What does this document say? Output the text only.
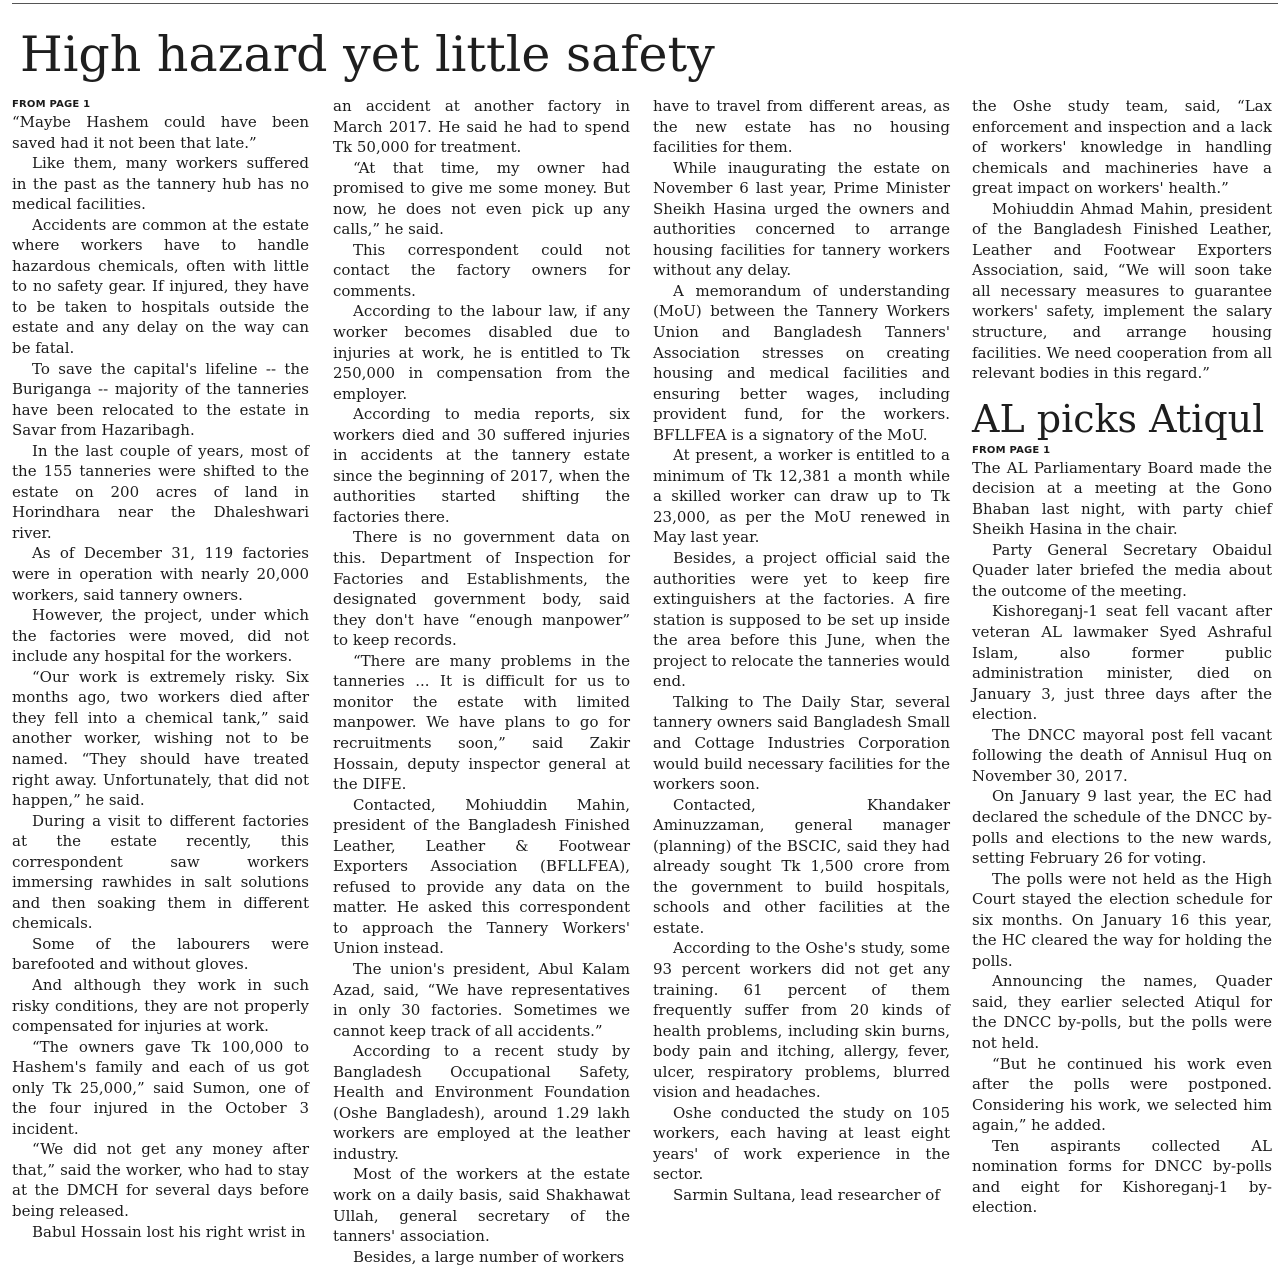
High hazard yet little safety
FROM PAGE 1

“Maybe Hashem could have been saved had it not been that late.”

Like them, many workers suffered in the past as the tannery hub has no medical facilities.

Accidents are common at the estate where workers have to handle hazardous chemicals, often with little to no safety gear. If injured, they have to be taken to hospitals outside the estate and any delay on the way can be fatal.

To save the capital's lifeline -- the Buriganga -- majority of the tanneries have been relocated to the estate in Savar from Hazaribagh.

In the last couple of years, most of the 155 tanneries were shifted to the estate on 200 acres of land in Horindhara near the Dhaleshwari river.

As of December 31, 119 factories were in operation with nearly 20,000 workers, said tannery owners.

However, the project, under which the factories were moved, did not include any hospital for the workers.

“Our work is extremely risky. Six months ago, two workers died after they fell into a chemical tank,” said another worker, wishing not to be named. “They should have treated right away. Unfortunately, that did not happen,” he said.

During a visit to different factories at the estate recently, this correspondent saw workers immersing rawhides in salt solutions and then soaking them in different chemicals.

Some of the labourers were barefooted and without gloves.

And although they work in such risky conditions, they are not properly compensated for injuries at work.

“The owners gave Tk 100,000 to Hashem's family and each of us got only Tk 25,000,” said Sumon, one of the four injured in the October 3 incident.

“We did not get any money after that,” said the worker, who had to stay at the DMCH for several days before being released.

Babul Hossain lost his right wrist in

an accident at another factory in March 2017. He said he had to spend Tk 50,000 for treatment.

“At that time, my owner had promised to give me some money. But now, he does not even pick up any calls,” he said.

This correspondent could not contact the factory owners for comments.

According to the labour law, if any worker becomes disabled due to injuries at work, he is entitled to Tk 250,000 in compensation from the employer.

According to media reports, six workers died and 30 suffered injuries in accidents at the tannery estate since the beginning of 2017, when the authorities started shifting the factories there.

There is no government data on this. Department of Inspection for Factories and Establishments, the designated government body, said they don't have “enough manpower” to keep records.

“There are many problems in the tanneries ... It is difficult for us to monitor the estate with limited manpower. We have plans to go for recruitments soon,” said Zakir Hossain, deputy inspector general at the DIFE.

Contacted, Mohiuddin Mahin, president of the Bangladesh Finished Leather, Leather & Footwear Exporters Association (BFLLFEA), refused to provide any data on the matter. He asked this correspondent to approach the Tannery Workers' Union instead.

The union's president, Abul Kalam Azad, said, “We have representatives in only 30 factories. Sometimes we cannot keep track of all accidents.”

According to a recent study by Bangladesh Occupational Safety, Health and Environment Foundation (Oshe Bangladesh), around 1.29 lakh workers are employed at the leather industry.

Most of the workers at the estate work on a daily basis, said Shakhawat Ullah, general secretary of the tanners' association.

Besides, a large number of workers

have to travel from different areas, as the new estate has no housing facilities for them.

While inaugurating the estate on November 6 last year, Prime Minister Sheikh Hasina urged the owners and authorities concerned to arrange housing facilities for tannery workers without any delay.

A memorandum of understanding (MoU) between the Tannery Workers Union and Bangladesh Tanners' Association stresses on creating housing and medical facilities and ensuring better wages, including provident fund, for the workers. BFLLFEA is a signatory of the MoU.

At present, a worker is entitled to a minimum of Tk 12,381 a month while a skilled worker can draw up to Tk 23,000, as per the MoU renewed in May last year.

Besides, a project official said the authorities were yet to keep fire extinguishers at the factories. A fire station is supposed to be set up inside the area before this June, when the project to relocate the tanneries would end.

Talking to The Daily Star, several tannery owners said Bangladesh Small and Cottage Industries Corporation would build necessary facilities for the workers soon.

Contacted, Khandaker Aminuzzaman, general manager (planning) of the BSCIC, said they had already sought Tk 1,500 crore from the government to build hospitals, schools and other facilities at the estate.

According to the Oshe's study, some 93 percent workers did not get any training. 61 percent of them frequently suffer from 20 kinds of health problems, including skin burns, body pain and itching, allergy, fever, ulcer, respiratory problems, blurred vision and headaches.

Oshe conducted the study on 105 workers, each having at least eight years' of work experience in the sector.

Sarmin Sultana, lead researcher of

the Oshe study team, said, “Lax enforcement and inspection and a lack of workers' knowledge in handling chemicals and machineries have a great impact on workers' health.”

Mohiuddin Ahmad Mahin, president of the Bangladesh Finished Leather, Leather and Footwear Exporters Association, said, “We will soon take all necessary measures to guarantee workers' safety, implement the salary structure, and arrange housing facilities. We need cooperation from all relevant bodies in this regard.”

AL picks Atiqul
FROM PAGE 1

The AL Parliamentary Board made the decision at a meeting at the Gono Bhaban last night, with party chief Sheikh Hasina in the chair.

Party General Secretary Obaidul Quader later briefed the media about the outcome of the meeting.

Kishoreganj-1 seat fell vacant after veteran AL lawmaker Syed Ashraful Islam, also former public administration minister, died on January 3, just three days after the election.

The DNCC mayoral post fell vacant following the death of Annisul Huq on November 30, 2017.

On January 9 last year, the EC had declared the schedule of the DNCC by-polls and elections to the new wards, setting February 26 for voting.

The polls were not held as the High Court stayed the election schedule for six months. On January 16 this year, the HC cleared the way for holding the polls.

Announcing the names, Quader said, they earlier selected Atiqul for the DNCC by-polls, but the polls were not held.

“But he continued his work even after the polls were postponed. Considering his work, we selected him again,” he added.

Ten aspirants collected AL nomination forms for DNCC by-polls and eight for Kishoreganj-1 by-election.
